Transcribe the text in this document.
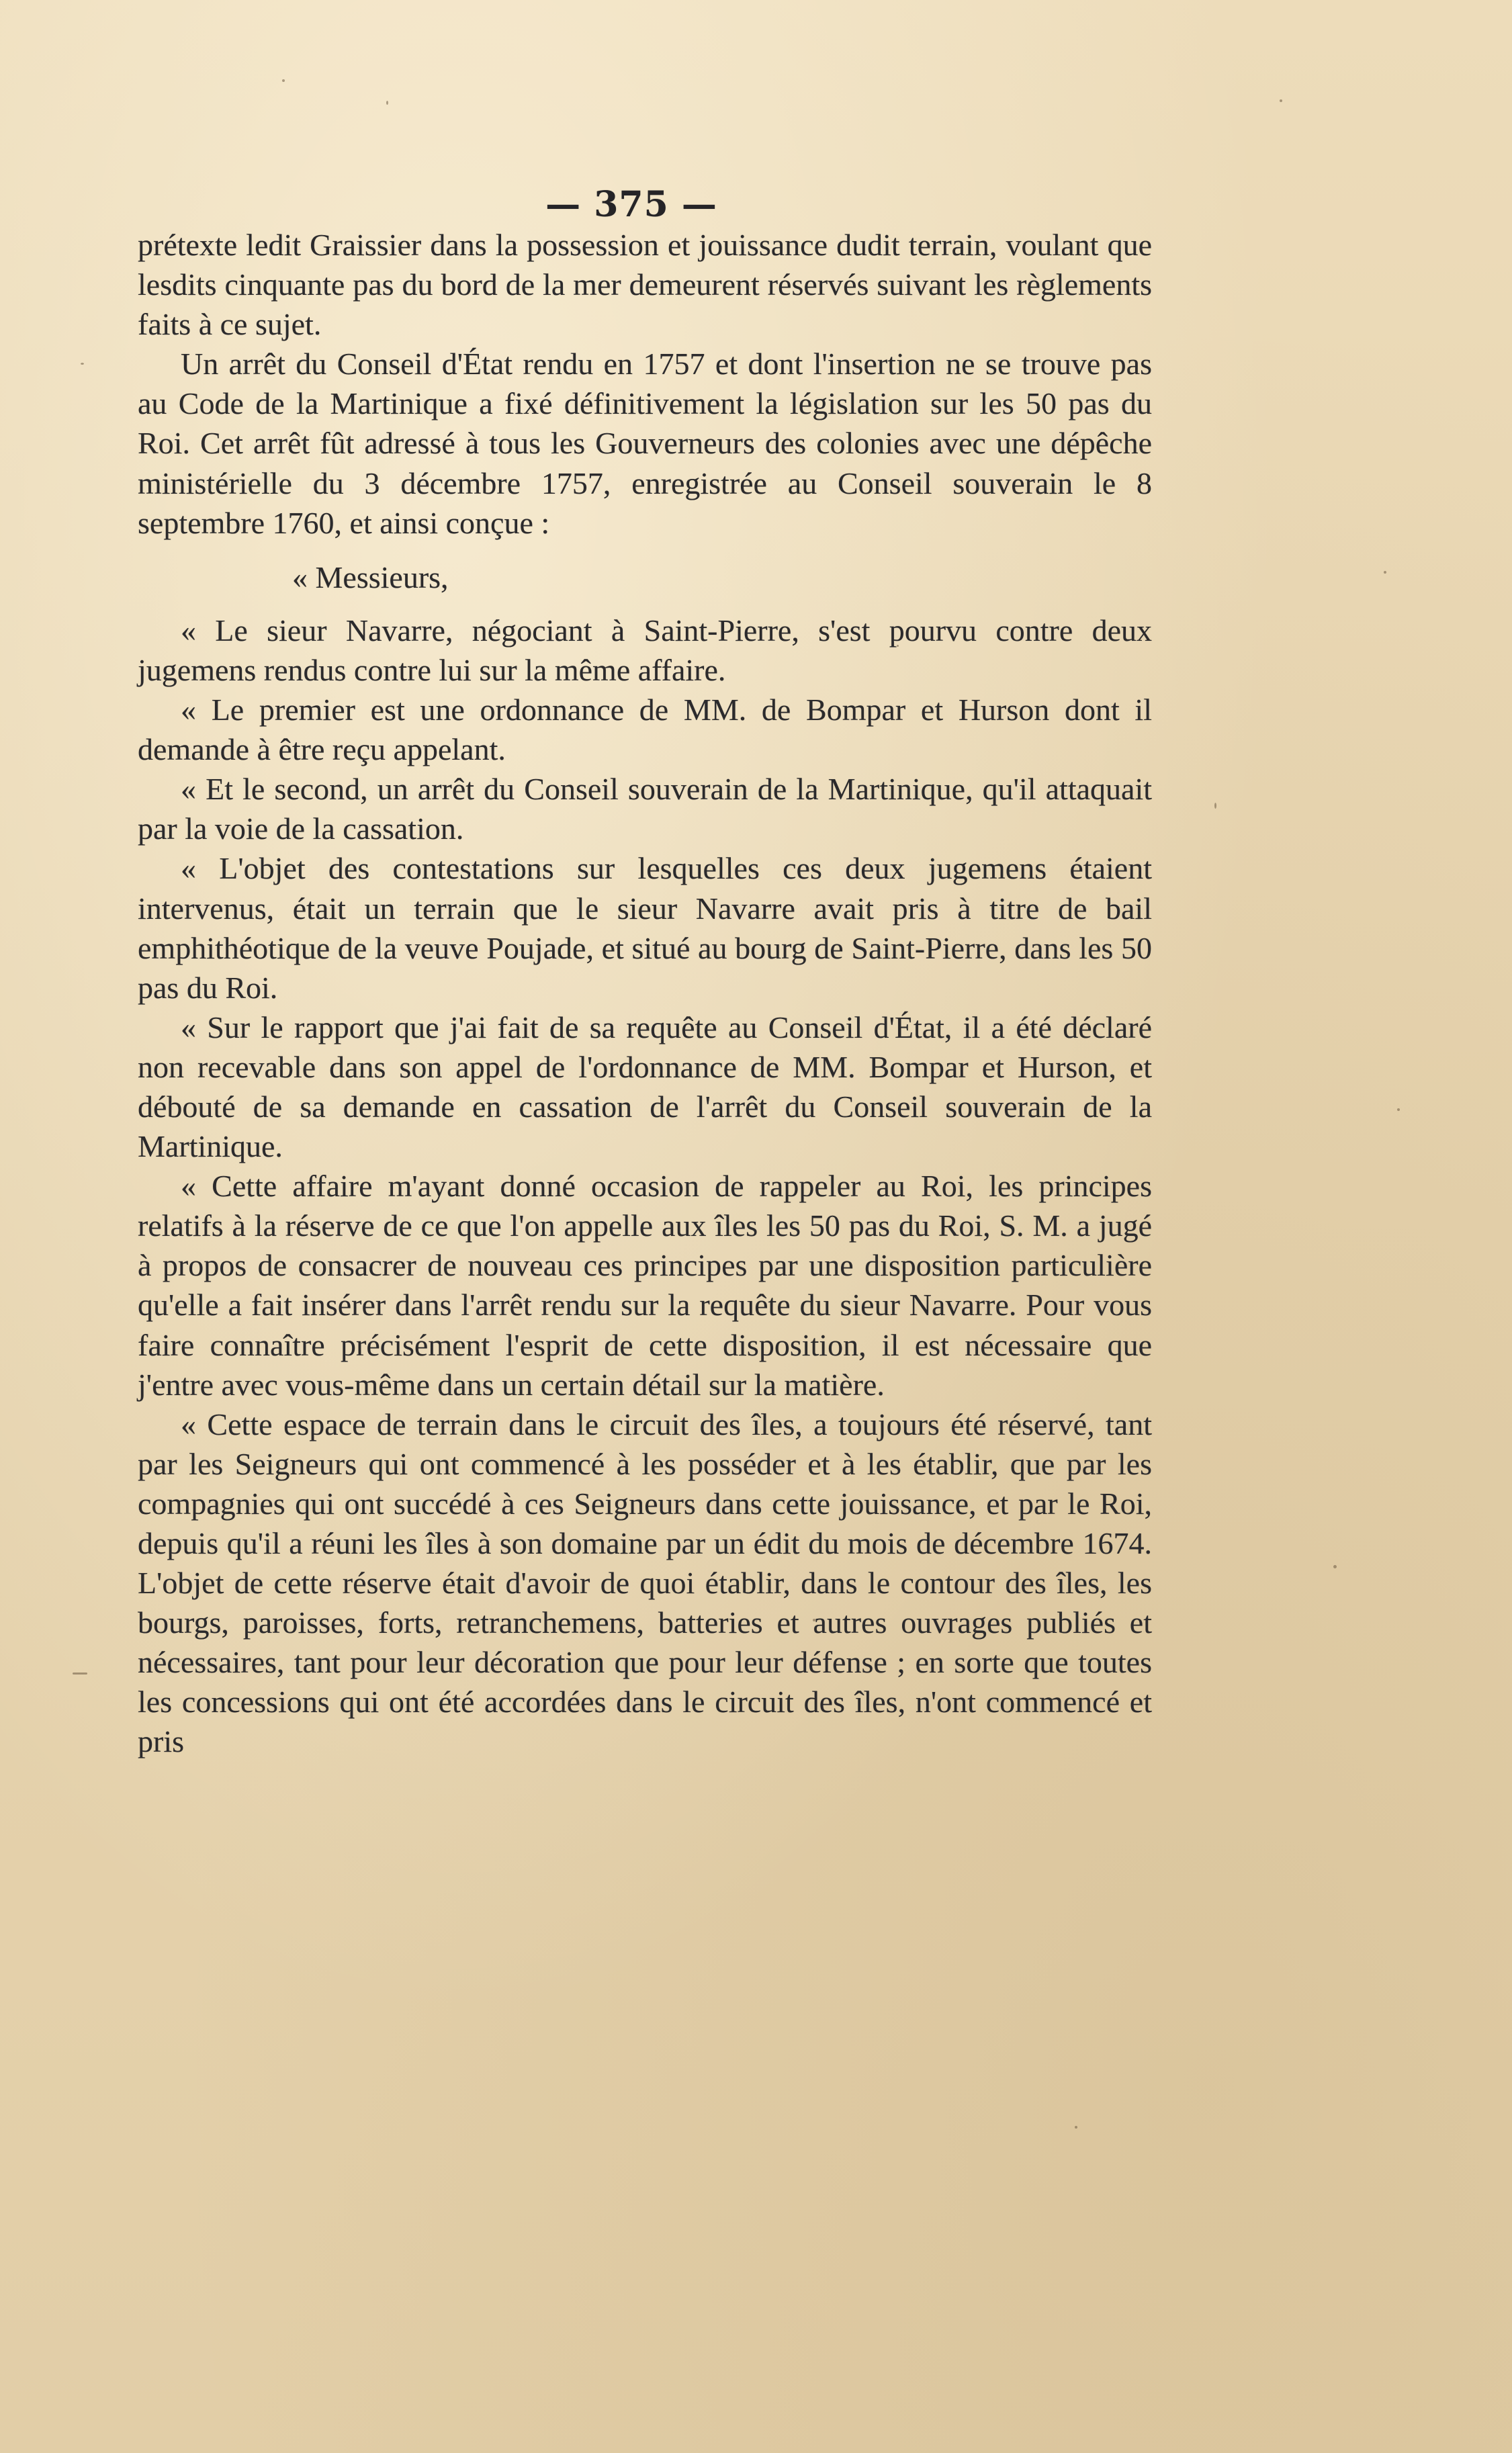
— 375 —

prétexte ledit Graissier dans la possession et jouissance dudit terrain, voulant que lesdits cinquante pas du bord de la mer demeurent réservés suivant les règlements faits à ce sujet.

Un arrêt du Conseil d'État rendu en 1757 et dont l'insertion ne se trouve pas au Code de la Martinique a fixé définitivement la législation sur les 50 pas du Roi. Cet arrêt fût adressé à tous les Gouverneurs des colonies avec une dépêche ministérielle du 3 décembre 1757, enregistrée au Conseil souverain le 8 septembre 1760, et ainsi conçue :

« Messieurs,

« Le sieur Navarre, négociant à Saint-Pierre, s'est pourvu contre deux jugemens rendus contre lui sur la même affaire.

« Le premier est une ordonnance de MM. de Bompar et Hurson dont il demande à être reçu appelant.

« Et le second, un arrêt du Conseil souverain de la Martinique, qu'il attaquait par la voie de la cassation.

« L'objet des contestations sur lesquelles ces deux jugemens étaient intervenus, était un terrain que le sieur Navarre avait pris à titre de bail emphithéotique de la veuve Poujade, et situé au bourg de Saint-Pierre, dans les 50 pas du Roi.

« Sur le rapport que j'ai fait de sa requête au Conseil d'État, il a été déclaré non recevable dans son appel de l'ordonnance de MM. Bompar et Hurson, et débouté de sa demande en cassation de l'arrêt du Conseil souverain de la Martinique.

« Cette affaire m'ayant donné occasion de rappeler au Roi, les principes relatifs à la réserve de ce que l'on appelle aux îles les 50 pas du Roi, S. M. a jugé à propos de consacrer de nouveau ces principes par une disposition particulière qu'elle a fait insérer dans l'arrêt rendu sur la requête du sieur Navarre. Pour vous faire connaître précisément l'esprit de cette disposition, il est nécessaire que j'entre avec vous-même dans un certain détail sur la matière.

« Cette espace de terrain dans le circuit des îles, a toujours été réservé, tant par les Seigneurs qui ont commencé à les posséder et à les établir, que par les compagnies qui ont succédé à ces Seigneurs dans cette jouissance, et par le Roi, depuis qu'il a réuni les îles à son domaine par un édit du mois de décembre 1674. L'objet de cette réserve était d'avoir de quoi établir, dans le contour des îles, les bourgs, paroisses, forts, retranchemens, batteries et autres ouvrages publiés et nécessaires, tant pour leur décoration que pour leur défense ; en sorte que toutes les concessions qui ont été accordées dans le circuit des îles, n'ont commencé et pris
